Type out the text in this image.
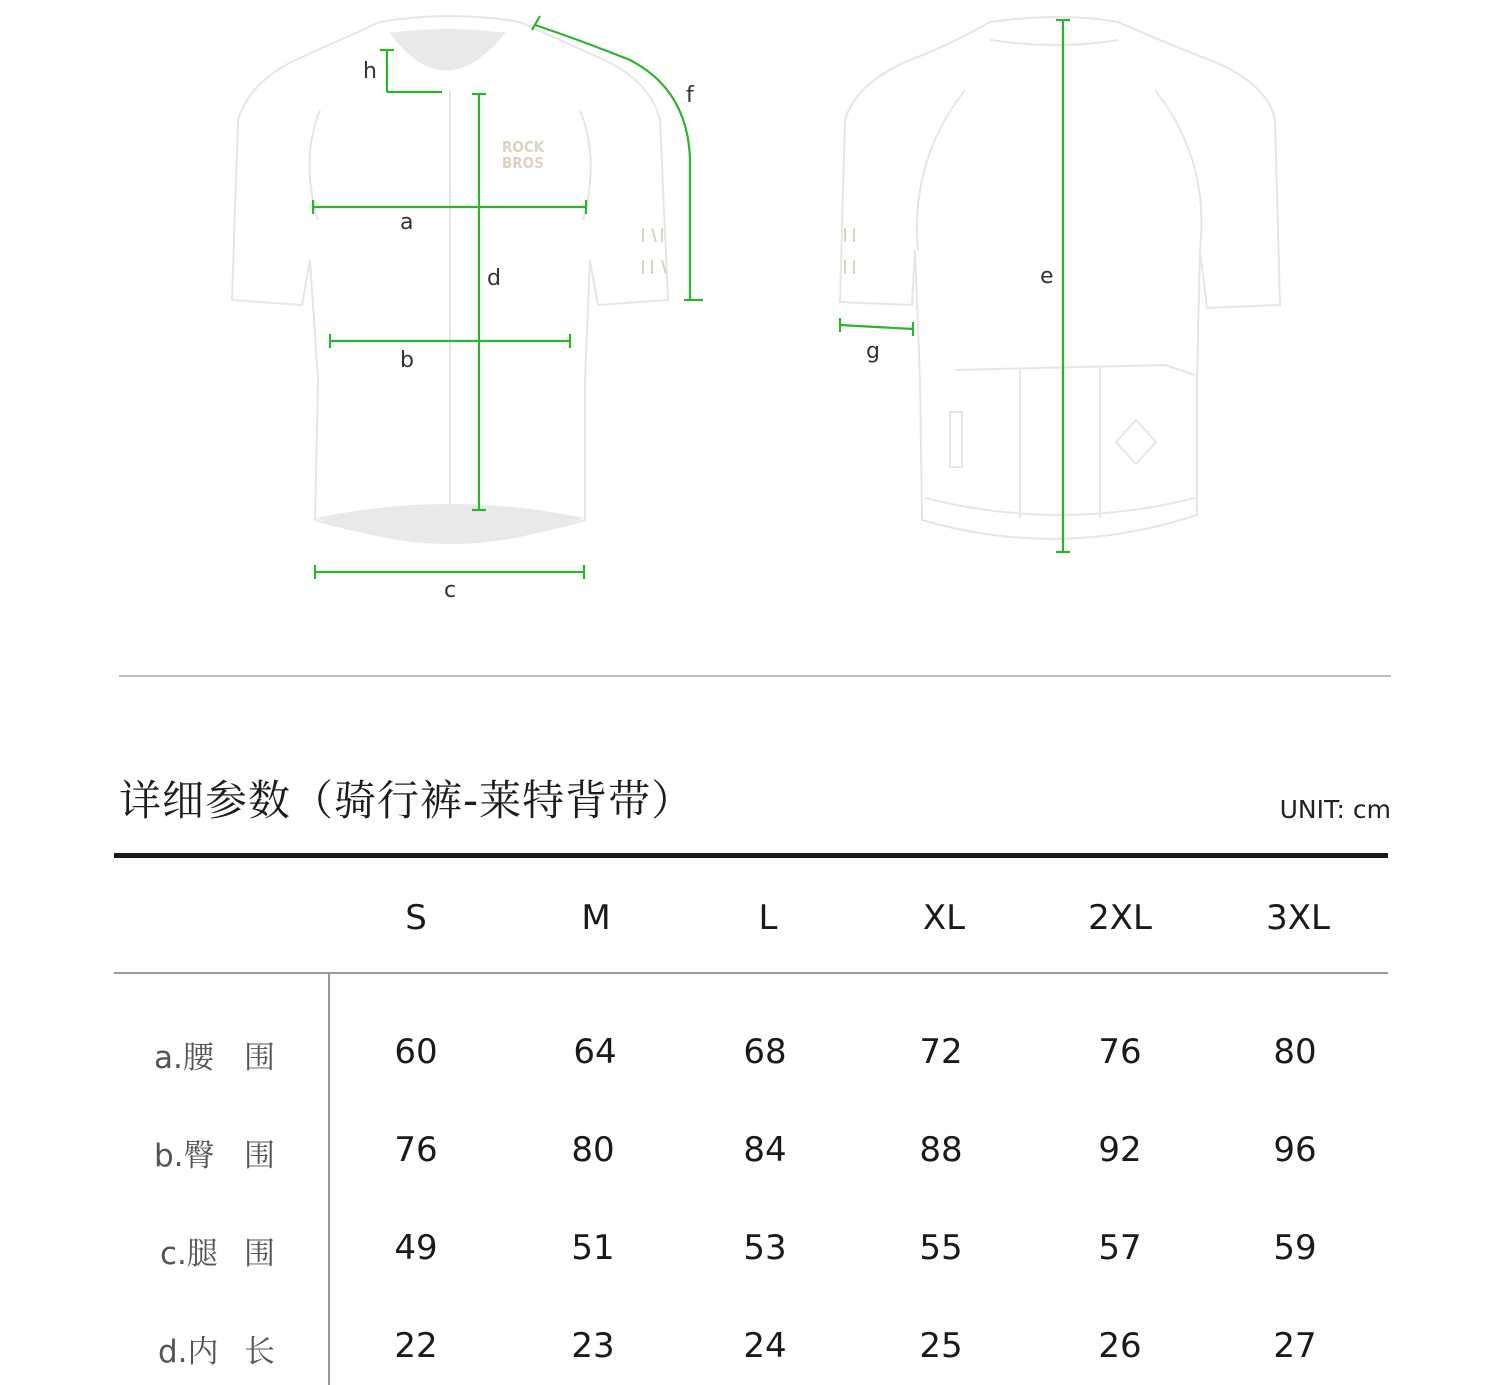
ROCK
BROS
a
b
c
d
f
h
e
g
详细参数（骑行裤-莱特背带）	UNIT: cm
S	M	L	XL	2XL	3XL
a.腰 围	60	64	68	72	76	80
b.臀 围	76	80	84	88	92	96
c.腿 围	49	51	53	55	57	59
d.内 长	22	23	24	25	26	27
